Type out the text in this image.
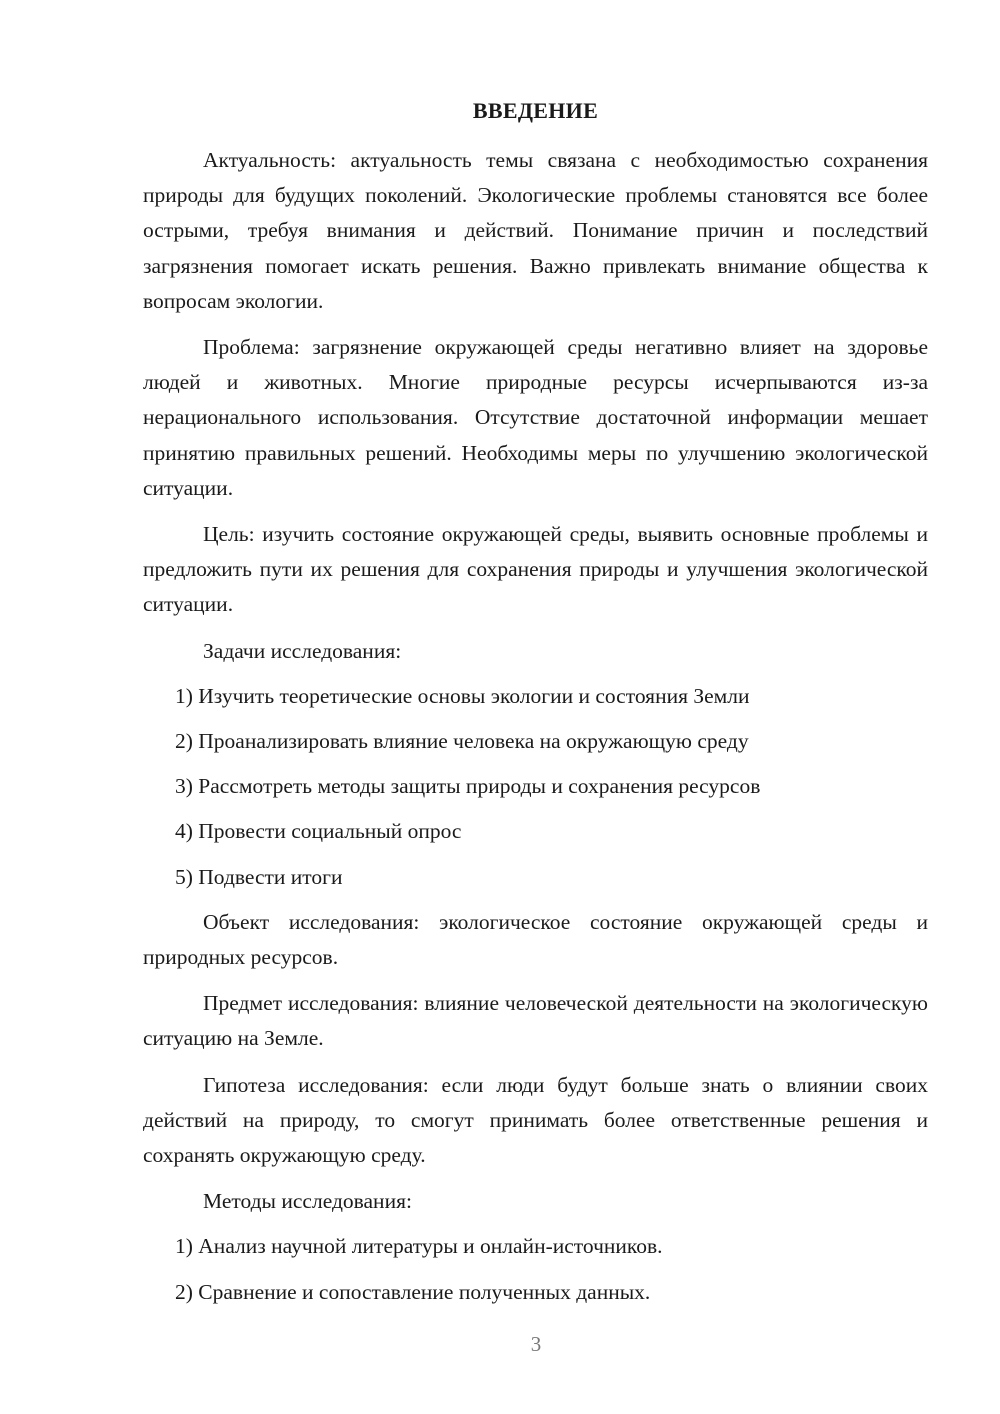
ВВЕДЕНИЕ

Актуальность: актуальность темы связана с необходимостью сохранения природы для будущих поколений. Экологические проблемы становятся все более острыми, требуя внимания и действий. Понимание причин и последствий загрязнения помогает искать решения. Важно привлекать внимание общества к вопросам экологии.

Проблема: загрязнение окружающей среды негативно влияет на здоровье людей и животных. Многие природные ресурсы исчерпываются из-за нерационального использования. Отсутствие достаточной информации мешает принятию правильных решений. Необходимы меры по улучшению экологической ситуации.

Цель: изучить состояние окружающей среды, выявить основные проблемы и предложить пути их решения для сохранения природы и улучшения экологической ситуации.

Задачи исследования:

1) Изучить теоретические основы экологии и состояния Земли

2) Проанализировать влияние человека на окружающую среду

3) Рассмотреть методы защиты природы и сохранения ресурсов

4) Провести социальный опрос

5) Подвести итоги

Объект исследования: экологическое состояние окружающей среды и природных ресурсов.

Предмет исследования: влияние человеческой деятельности на экологическую ситуацию на Земле.

Гипотеза исследования: если люди будут больше знать о влиянии своих действий на природу, то смогут принимать более ответственные решения и сохранять окружающую среду.

Методы исследования:

1) Анализ научной литературы и онлайн-источников.

2) Сравнение и сопоставление полученных данных.

3
